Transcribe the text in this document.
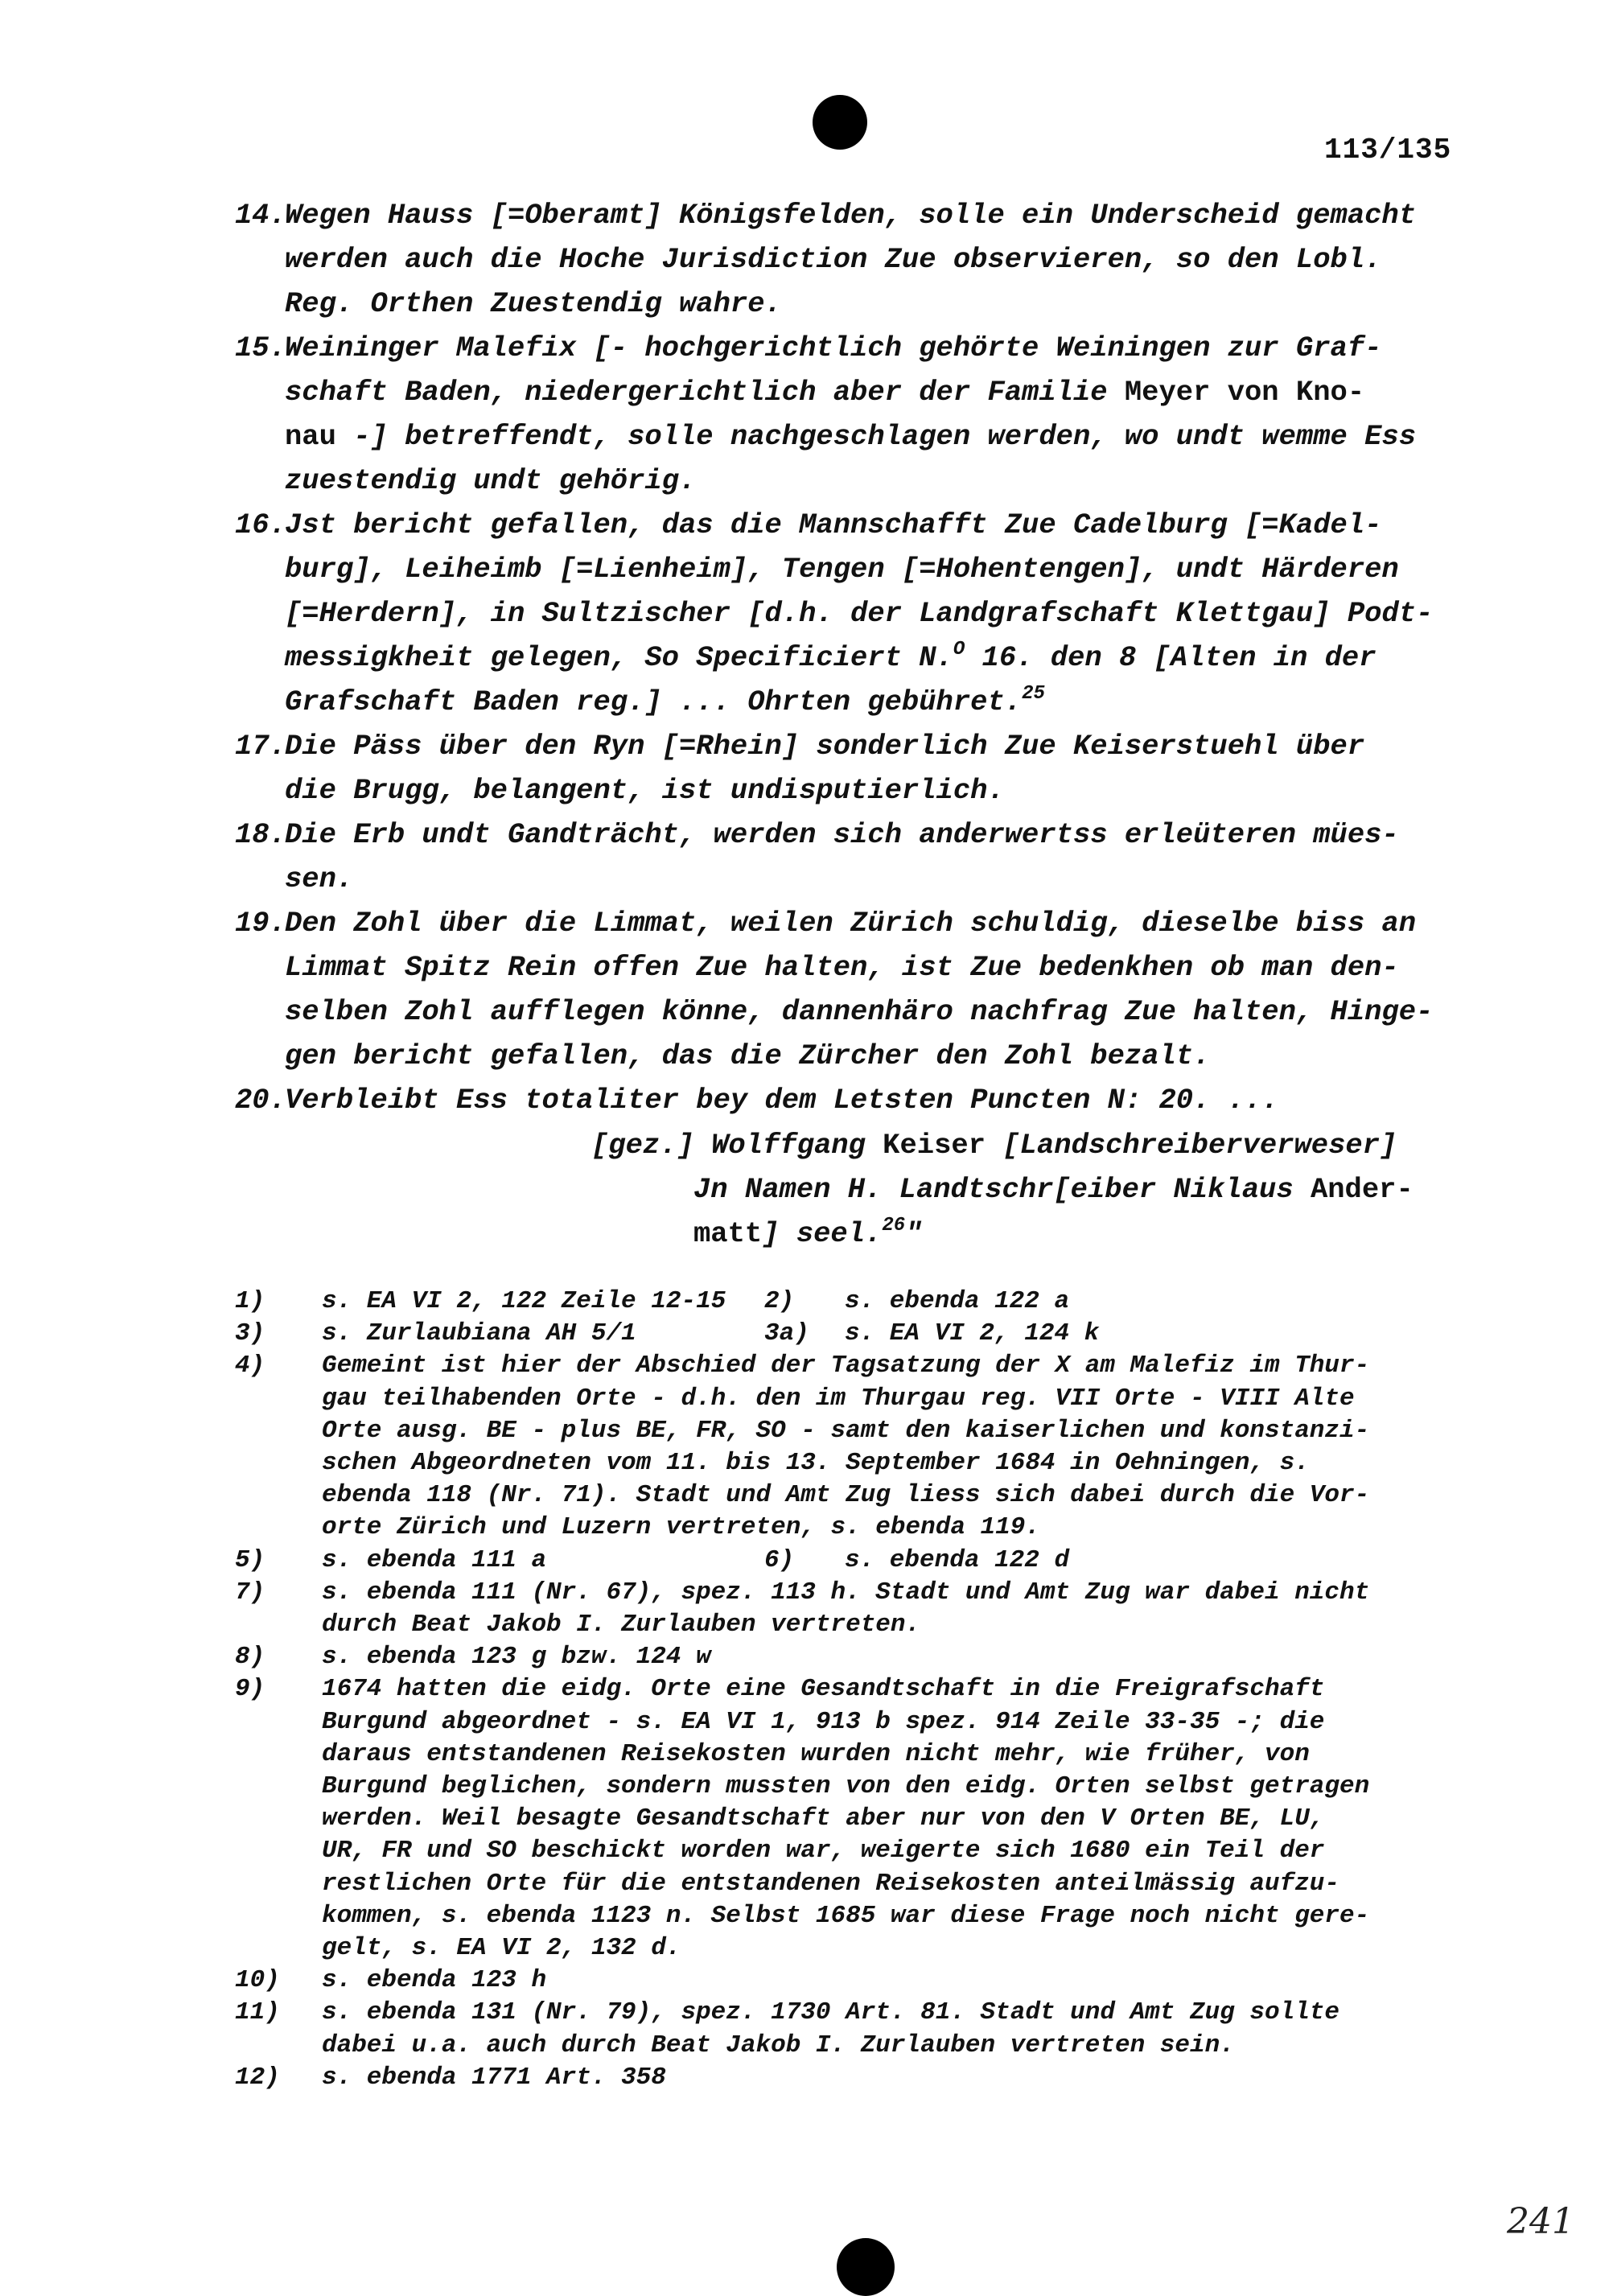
113/135
14.
Wegen Hauss [=Oberamt] Königsfelden, solle ein Underscheid gemacht
werden auch die Hoche Jurisdiction Zue observieren, so den Lobl.
Reg. Orthen Zuestendig wahre.
15.
Weininger Malefix [- hochgerichtlich gehörte Weiningen zur Graf-
schaft Baden, niedergerichtlich aber der Familie Meyer von Kno-
nau -] betreffendt, solle nachgeschlagen werden, wo undt wemme Ess
zuestendig undt gehörig.
16.
Jst bericht gefallen, das die Mannschafft Zue Cadelburg [=Kadel-
burg], Leiheimb [=Lienheim], Tengen [=Hohentengen], undt Härderen
[=Herdern], in Sultzischer [d.h. der Landgrafschaft Klettgau] Podt-
messigkheit gelegen, So Specificiert N.$^O$ 16. den 8 [Alten in der
Grafschaft Baden reg.] ... Ohrten gebühret.$^{25}$
17.
Die Päss über den Ryn [=Rhein] sonderlich Zue Keiserstuehl über
die Brugg, belangent, ist undisputierlich.
18.
Die Erb undt Gandträcht, werden sich anderwertss erleüteren mües-
sen.
19.
Den Zohl über die Limmat, weilen Zürich schuldig, dieselbe biss an
Limmat Spitz Rein offen Zue halten, ist Zue bedenkhen ob man den-
selben Zohl aufflegen könne, dannenhäro nachfrag Zue halten, Hinge-
gen bericht gefallen, das die Zürcher den Zohl bezalt.
20.
Verbleibt Ess totaliter bey dem Letsten Puncten N: 20. ...
[gez.] Wolffgang Keiser [Landschreiberverweser]
Jn Namen H. Landtschr[eiber Niklaus Ander-
matt] seel.$^{26}$"
1) s. EA VI 2, 122 Zeile 12-15	2) s. ebenda 122 a
3) s. Zurlaubiana AH 5/1	3a) s. EA VI 2, 124 k
4)	Gemeint ist hier der Abschied der Tagsatzung der X am Malefiz im Thur-
gau teilhabenden Orte - d.h. den im Thurgau reg. VII Orte - VIII Alte
Orte ausg. BE - plus BE, FR, SO - samt den kaiserlichen und konstanzi-
schen Abgeordneten vom 11. bis 13. September 1684 in Oehningen, s.
ebenda 118 (Nr. 71). Stadt und Amt Zug liess sich dabei durch die Vor-
orte Zürich und Luzern vertreten, s. ebenda 119.
5) s. ebenda 111 a	6) s. ebenda 122 d
7)	s. ebenda 111 (Nr. 67), spez. 113 h. Stadt und Amt Zug war dabei nicht
durch Beat Jakob I. Zurlauben vertreten.
8)	s. ebenda 123 g bzw. 124 w
9)	1674 hatten die eidg. Orte eine Gesandtschaft in die Freigrafschaft
Burgund abgeordnet - s. EA VI 1, 913 b spez. 914 Zeile 33-35 -; die
daraus entstandenen Reisekosten wurden nicht mehr, wie früher, von
Burgund beglichen, sondern mussten von den eidg. Orten selbst getragen
werden. Weil besagte Gesandtschaft aber nur von den V Orten BE, LU,
UR, FR und SO beschickt worden war, weigerte sich 1680 ein Teil der
restlichen Orte für die entstandenen Reisekosten anteilmässig aufzu-
kommen, s. ebenda 1123 n. Selbst 1685 war diese Frage noch nicht gere-
gelt, s. EA VI 2, 132 d.
10)	s. ebenda 123 h
11)	s. ebenda 131 (Nr. 79), spez. 1730 Art. 81. Stadt und Amt Zug sollte
dabei u.a. auch durch Beat Jakob I. Zurlauben vertreten sein.
12)	s. ebenda 1771 Art. 358
241
